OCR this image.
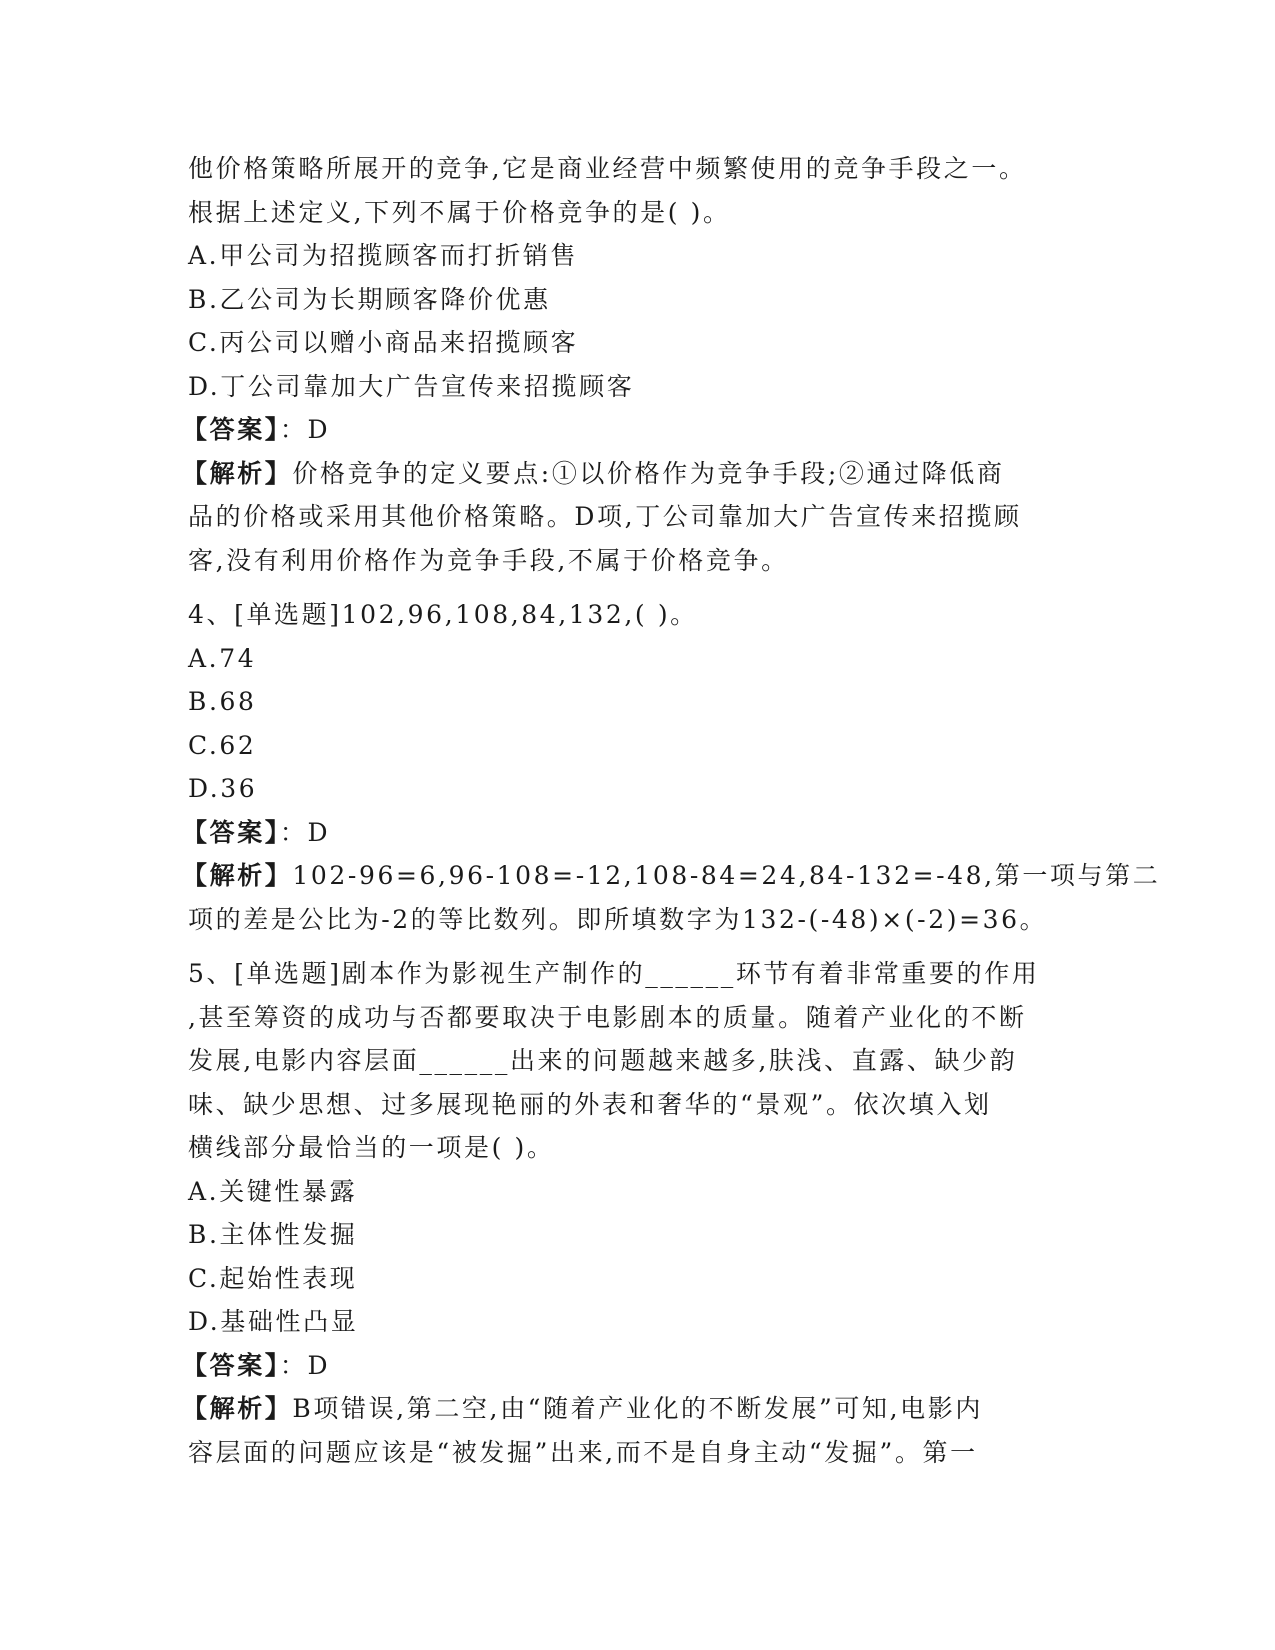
他价格策略所展开的竞争,它是商业经营中频繁使用的竞争手段之一。
根据上述定义,下列不属于价格竞争的是( )。
A.甲公司为招揽顾客而打折销售
B.乙公司为长期顾客降价优惠
C.丙公司以赠小商品来招揽顾客
D.丁公司靠加大广告宣传来招揽顾客
【答案】：D
【解析】价格竞争的定义要点:①以价格作为竞争手段;②通过降低商
品的价格或采用其他价格策略。D项,丁公司靠加大广告宣传来招揽顾
客,没有利用价格作为竞争手段,不属于价格竞争。
4、[单选题]102,96,108,84,132,( )。
A.74
B.68
C.62
D.36
【答案】：D
【解析】102-96=6,96-108=-12,108-84=24,84-132=-48,第一项与第二
项的差是公比为-2的等比数列。即所填数字为132-(-48)×(-2)=36。
5、[单选题]剧本作为影视生产制作的______环节有着非常重要的作用
,甚至筹资的成功与否都要取决于电影剧本的质量。随着产业化的不断
发展,电影内容层面______出来的问题越来越多,肤浅、直露、缺少韵
味、缺少思想、过多展现艳丽的外表和奢华的“景观”。依次填入划
横线部分最恰当的一项是( )。
A.关键性暴露
B.主体性发掘
C.起始性表现
D.基础性凸显
【答案】：D
【解析】B项错误,第二空,由“随着产业化的不断发展”可知,电影内
容层面的问题应该是“被发掘”出来,而不是自身主动“发掘”。第一
